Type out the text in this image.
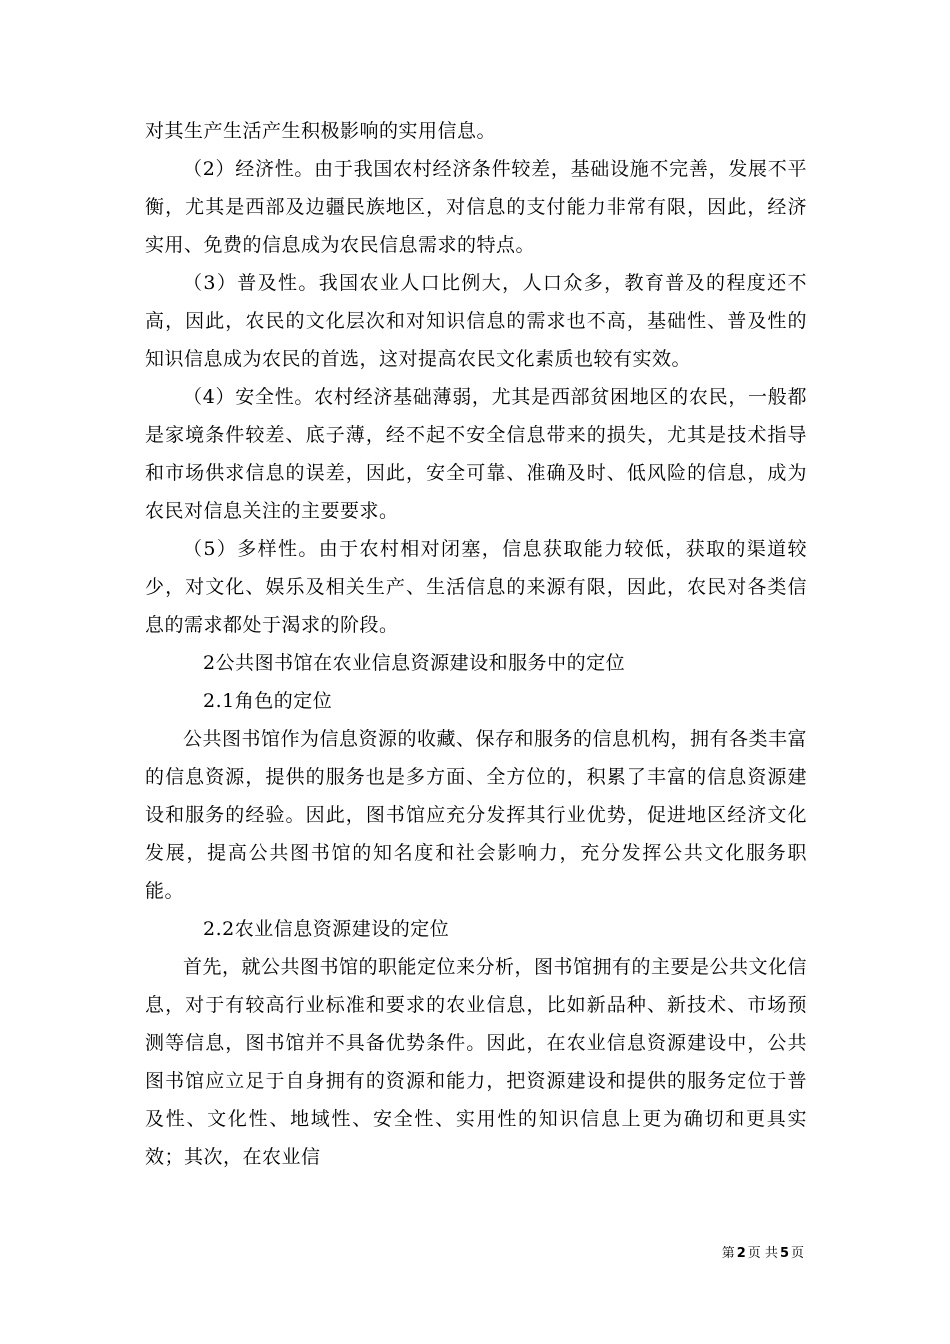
对其生产生活产生积极影响的实用信息。

（2）经济性。由于我国农村经济条件较差，基础设施不完善，发展不平衡，尤其是西部及边疆民族地区，对信息的支付能力非常有限，因此，经济实用、免费的信息成为农民信息需求的特点。

（3）普及性。我国农业人口比例大，人口众多，教育普及的程度还不高，因此，农民的文化层次和对知识信息的需求也不高，基础性、普及性的知识信息成为农民的首选，这对提高农民文化素质也较有实效。

（4）安全性。农村经济基础薄弱，尤其是西部贫困地区的农民，一般都是家境条件较差、底子薄，经不起不安全信息带来的损失，尤其是技术指导和市场供求信息的误差，因此，安全可靠、准确及时、低风险的信息，成为农民对信息关注的主要要求。

（5）多样性。由于农村相对闭塞，信息获取能力较低，获取的渠道较少，对文化、娱乐及相关生产、生活信息的来源有限，因此，农民对各类信息的需求都处于渴求的阶段。

2公共图书馆在农业信息资源建设和服务中的定位

2.1角色的定位

公共图书馆作为信息资源的收藏、保存和服务的信息机构，拥有各类丰富的信息资源，提供的服务也是多方面、全方位的，积累了丰富的信息资源建设和服务的经验。因此，图书馆应充分发挥其行业优势，促进地区经济文化发展，提高公共图书馆的知名度和社会影响力，充分发挥公共文化服务职能。

2.2农业信息资源建设的定位

首先，就公共图书馆的职能定位来分析，图书馆拥有的主要是公共文化信息，对于有较高行业标准和要求的农业信息，比如新品种、新技术、市场预测等信息，图书馆并不具备优势条件。因此，在农业信息资源建设中，公共图书馆应立足于自身拥有的资源和能力，把资源建设和提供的服务定位于普及性、文化性、地域性、安全性、实用性的知识信息上更为确切和更具实效；其次，在农业信

第 2 页 共 5 页
